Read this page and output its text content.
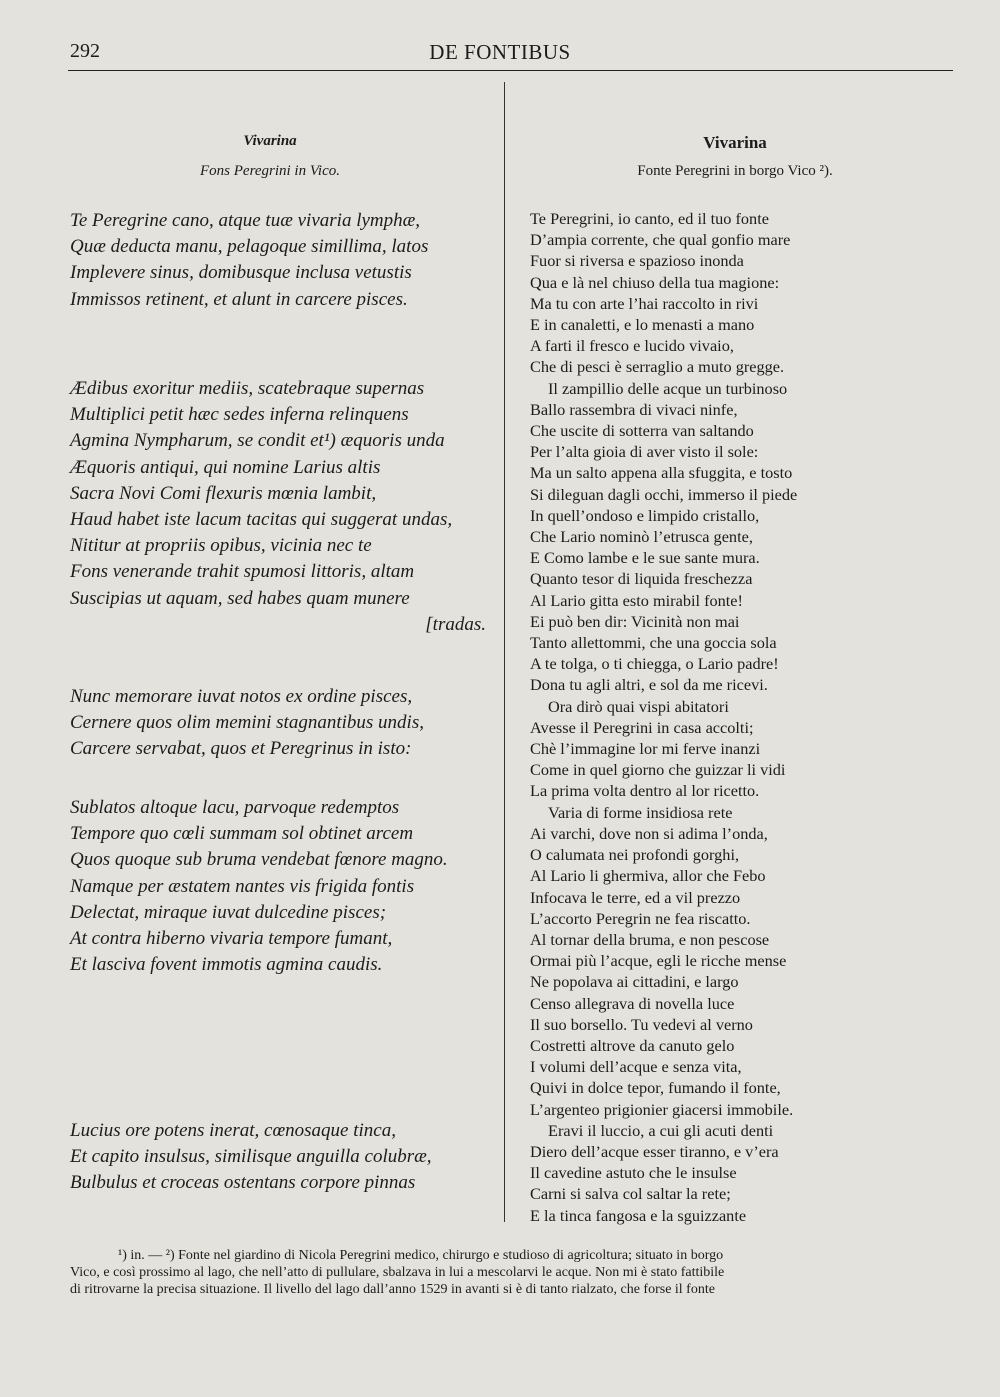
292	DE FONTIBUS
Vivarina
Fons Peregrini in Vico.
Te Peregrine cano, atque tuæ vivaria lymphæ,
Quæ deducta manu, pelagoque simillima, latos
Implevere sinus, domibusque inclusa vetustis
Immissos retinent, et alunt in carcere pisces.
Ædibus exoritur mediis, scatebraque supernas
Multiplici petit hæc sedes inferna relinquens
Agmina Nympharum, se condit et¹) æquoris unda
Æquoris antiqui, qui nomine Larius altis
Sacra Novi Comi flexuris mœnia lambit,
Haud habet iste lacum tacitas qui suggerat undas,
Nititur at propriis opibus, vicinia nec te
Fons venerande trahit spumosi littoris, altam
Suscipias ut aquam, sed habes quam munere
[tradas.
Nunc memorare iuvat notos ex ordine pisces,
Cernere quos olim memini stagnantibus undis,
Carcere servabat, quos et Peregrinus in isto:
Sublatos altoque lacu, parvoque redemptos
Tempore quo cœli summam sol obtinet arcem
Quos quoque sub bruma vendebat fœnore magno.
Namque per æstatem nantes vis frigida fontis
Delectat, miraque iuvat dulcedine pisces;
At contra hiberno vivaria tempore fumant,
Et lasciva fovent immotis agmina caudis.
Lucius ore potens inerat, cœnosaque tinca,
Et capito insulsus, similisque anguilla colubræ,
Bulbulus et croceas ostentans corpore pinnas
Vivarina
Fonte Peregrini in borgo Vico ²).
Te Peregrini, io canto, ed il tuo fonte
D’ampia corrente, che qual gonfio mare
Fuor si riversa e spazioso inonda
Qua e là nel chiuso della tua magione:
Ma tu con arte l’hai raccolto in rivi
E in canaletti, e lo menasti a mano
A farti il fresco e lucido vivaio,
Che di pesci è serraglio a muto gregge.
Il zampillio delle acque un turbinoso
Ballo rassembra di vivaci ninfe,
Che uscite di sotterra van saltando
Per l’alta gioia di aver visto il sole:
Ma un salto appena alla sfuggita, e tosto
Si dileguan dagli occhi, immerso il piede
In quell’ondoso e limpido cristallo,
Che Lario nominò l’etrusca gente,
E Como lambe e le sue sante mura.
Quanto tesor di liquida freschezza
Al Lario gitta esto mirabil fonte!
Ei può ben dir: Vicinità non mai
Tanto allettommi, che una goccia sola
A te tolga, o ti chiegga, o Lario padre!
Dona tu agli altri, e sol da me ricevi.
Ora dirò quai vispi abitatori
Avesse il Peregrini in casa accolti;
Chè l’immagine lor mi ferve inanzi
Come in quel giorno che guizzar li vidi
La prima volta dentro al lor ricetto.
Varia di forme insidiosa rete
Ai varchi, dove non si adima l’onda,
O calumata nei profondi gorghi,
Al Lario li ghermiva, allor che Febo
Infocava le terre, ed a vil prezzo
L’accorto Peregrin ne fea riscatto.
Al tornar della bruma, e non pescose
Ormai più l’acque, egli le ricche mense
Ne popolava ai cittadini, e largo
Censo allegrava di novella luce
Il suo borsello. Tu vedevi al verno
Costretti altrove da canuto gelo
I volumi dell’acque e senza vita,
Quivi in dolce tepor, fumando il fonte,
L’argenteo prigionier giacersi immobile.
Eravi il luccio, a cui gli acuti denti
Diero dell’acque esser tiranno, e v’era
Il cavedine astuto che le insulse
Carni si salva col saltar la rete;
E la tinca fangosa e la sguizzante
¹) in. — ²) Fonte nel giardino di Nicola Peregrini medico, chirurgo e studioso di agricoltura; situato in borgo
Vico, e così prossimo al lago, che nell’atto di pullulare, sbalzava in lui a mescolarvi le acque. Non mi è stato fattibile
di ritrovarne la precisa situazione. Il livello del lago dall’anno 1529 in avanti si è di tanto rialzato, che forse il fonte
